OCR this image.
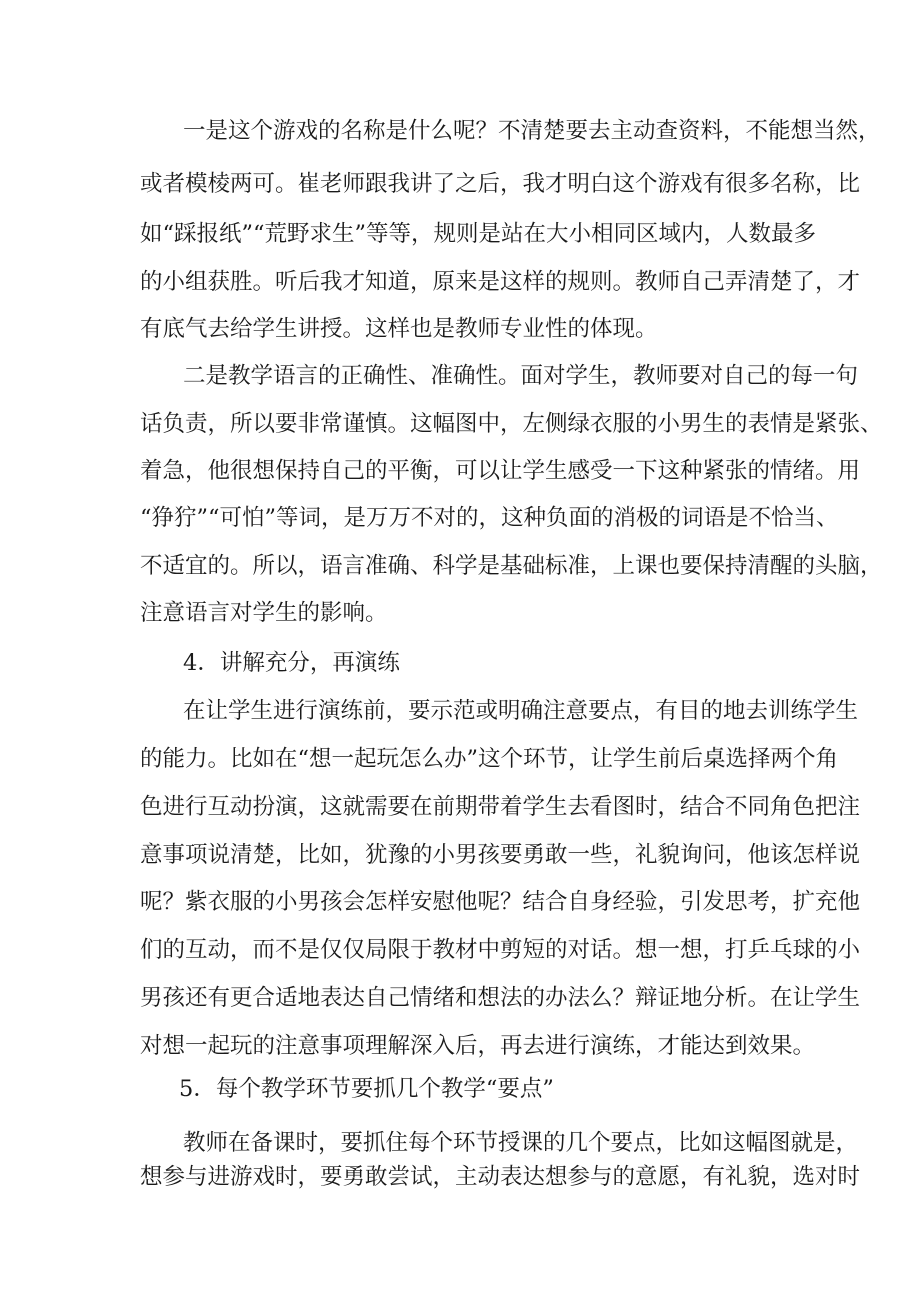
一是这个游戏的名称是什么呢？不清楚要去主动查资料，不能想当然，
或者模棱两可。崔老师跟我讲了之后，我才明白这个游戏有很多名称，比
如“踩报纸”“荒野求生”等等，规则是站在大小相同区域内，人数最多
的小组获胜。听后我才知道，原来是这样的规则。教师自己弄清楚了，才
有底气去给学生讲授。这样也是教师专业性的体现。
二是教学语言的正确性、准确性。面对学生，教师要对自己的每一句
话负责，所以要非常谨慎。这幅图中，左侧绿衣服的小男生的表情是紧张、
着急，他很想保持自己的平衡，可以让学生感受一下这种紧张的情绪。用
“狰狞”“可怕”等词，是万万不对的，这种负面的消极的词语是不恰当、
不适宜的。所以，语言准确、科学是基础标准，上课也要保持清醒的头脑，
注意语言对学生的影响。
4．讲解充分，再演练
在让学生进行演练前，要示范或明确注意要点，有目的地去训练学生
的能力。比如在“想一起玩怎么办”这个环节，让学生前后桌选择两个角
色进行互动扮演，这就需要在前期带着学生去看图时，结合不同角色把注
意事项说清楚，比如，犹豫的小男孩要勇敢一些，礼貌询问，他该怎样说
呢？紫衣服的小男孩会怎样安慰他呢？结合自身经验，引发思考，扩充他
们的互动，而不是仅仅局限于教材中剪短的对话。想一想，打乒乓球的小
男孩还有更合适地表达自己情绪和想法的办法么？辩证地分析。在让学生
对想一起玩的注意事项理解深入后，再去进行演练，才能达到效果。
5．每个教学环节要抓几个教学“要点”
教师在备课时，要抓住每个环节授课的几个要点，比如这幅图就是，
想参与进游戏时，要勇敢尝试，主动表达想参与的意愿，有礼貌，选对时
